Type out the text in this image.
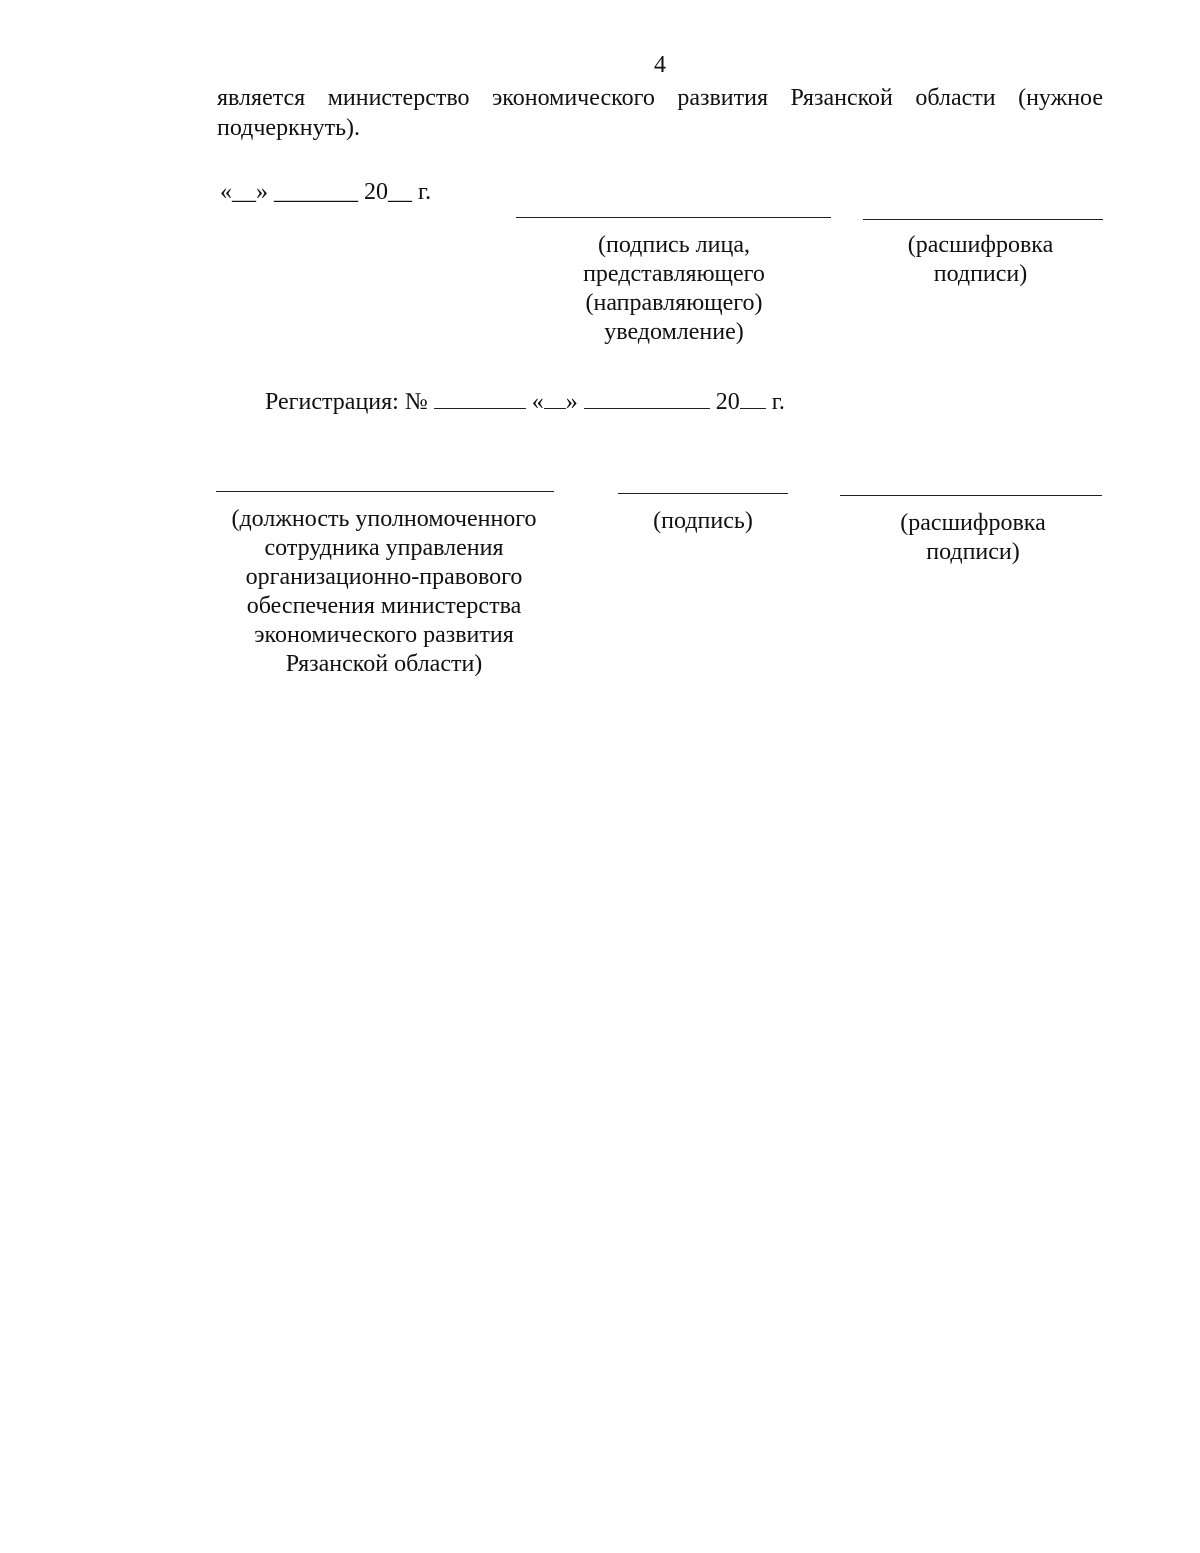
4
является министерство экономического развития Рязанской области (нужное
подчеркнуть).
«__» _______ 20__ г.
(подпись лица, представляющего (направляющего) уведомление)
(расшифровка подписи)
Регистрация: №	« »	20 г.
(должность уполномоченного сотрудника управления организационно-правового обеспечения министерства экономического развития Рязанской области)
(подпись)	(расшифровка подписи)
